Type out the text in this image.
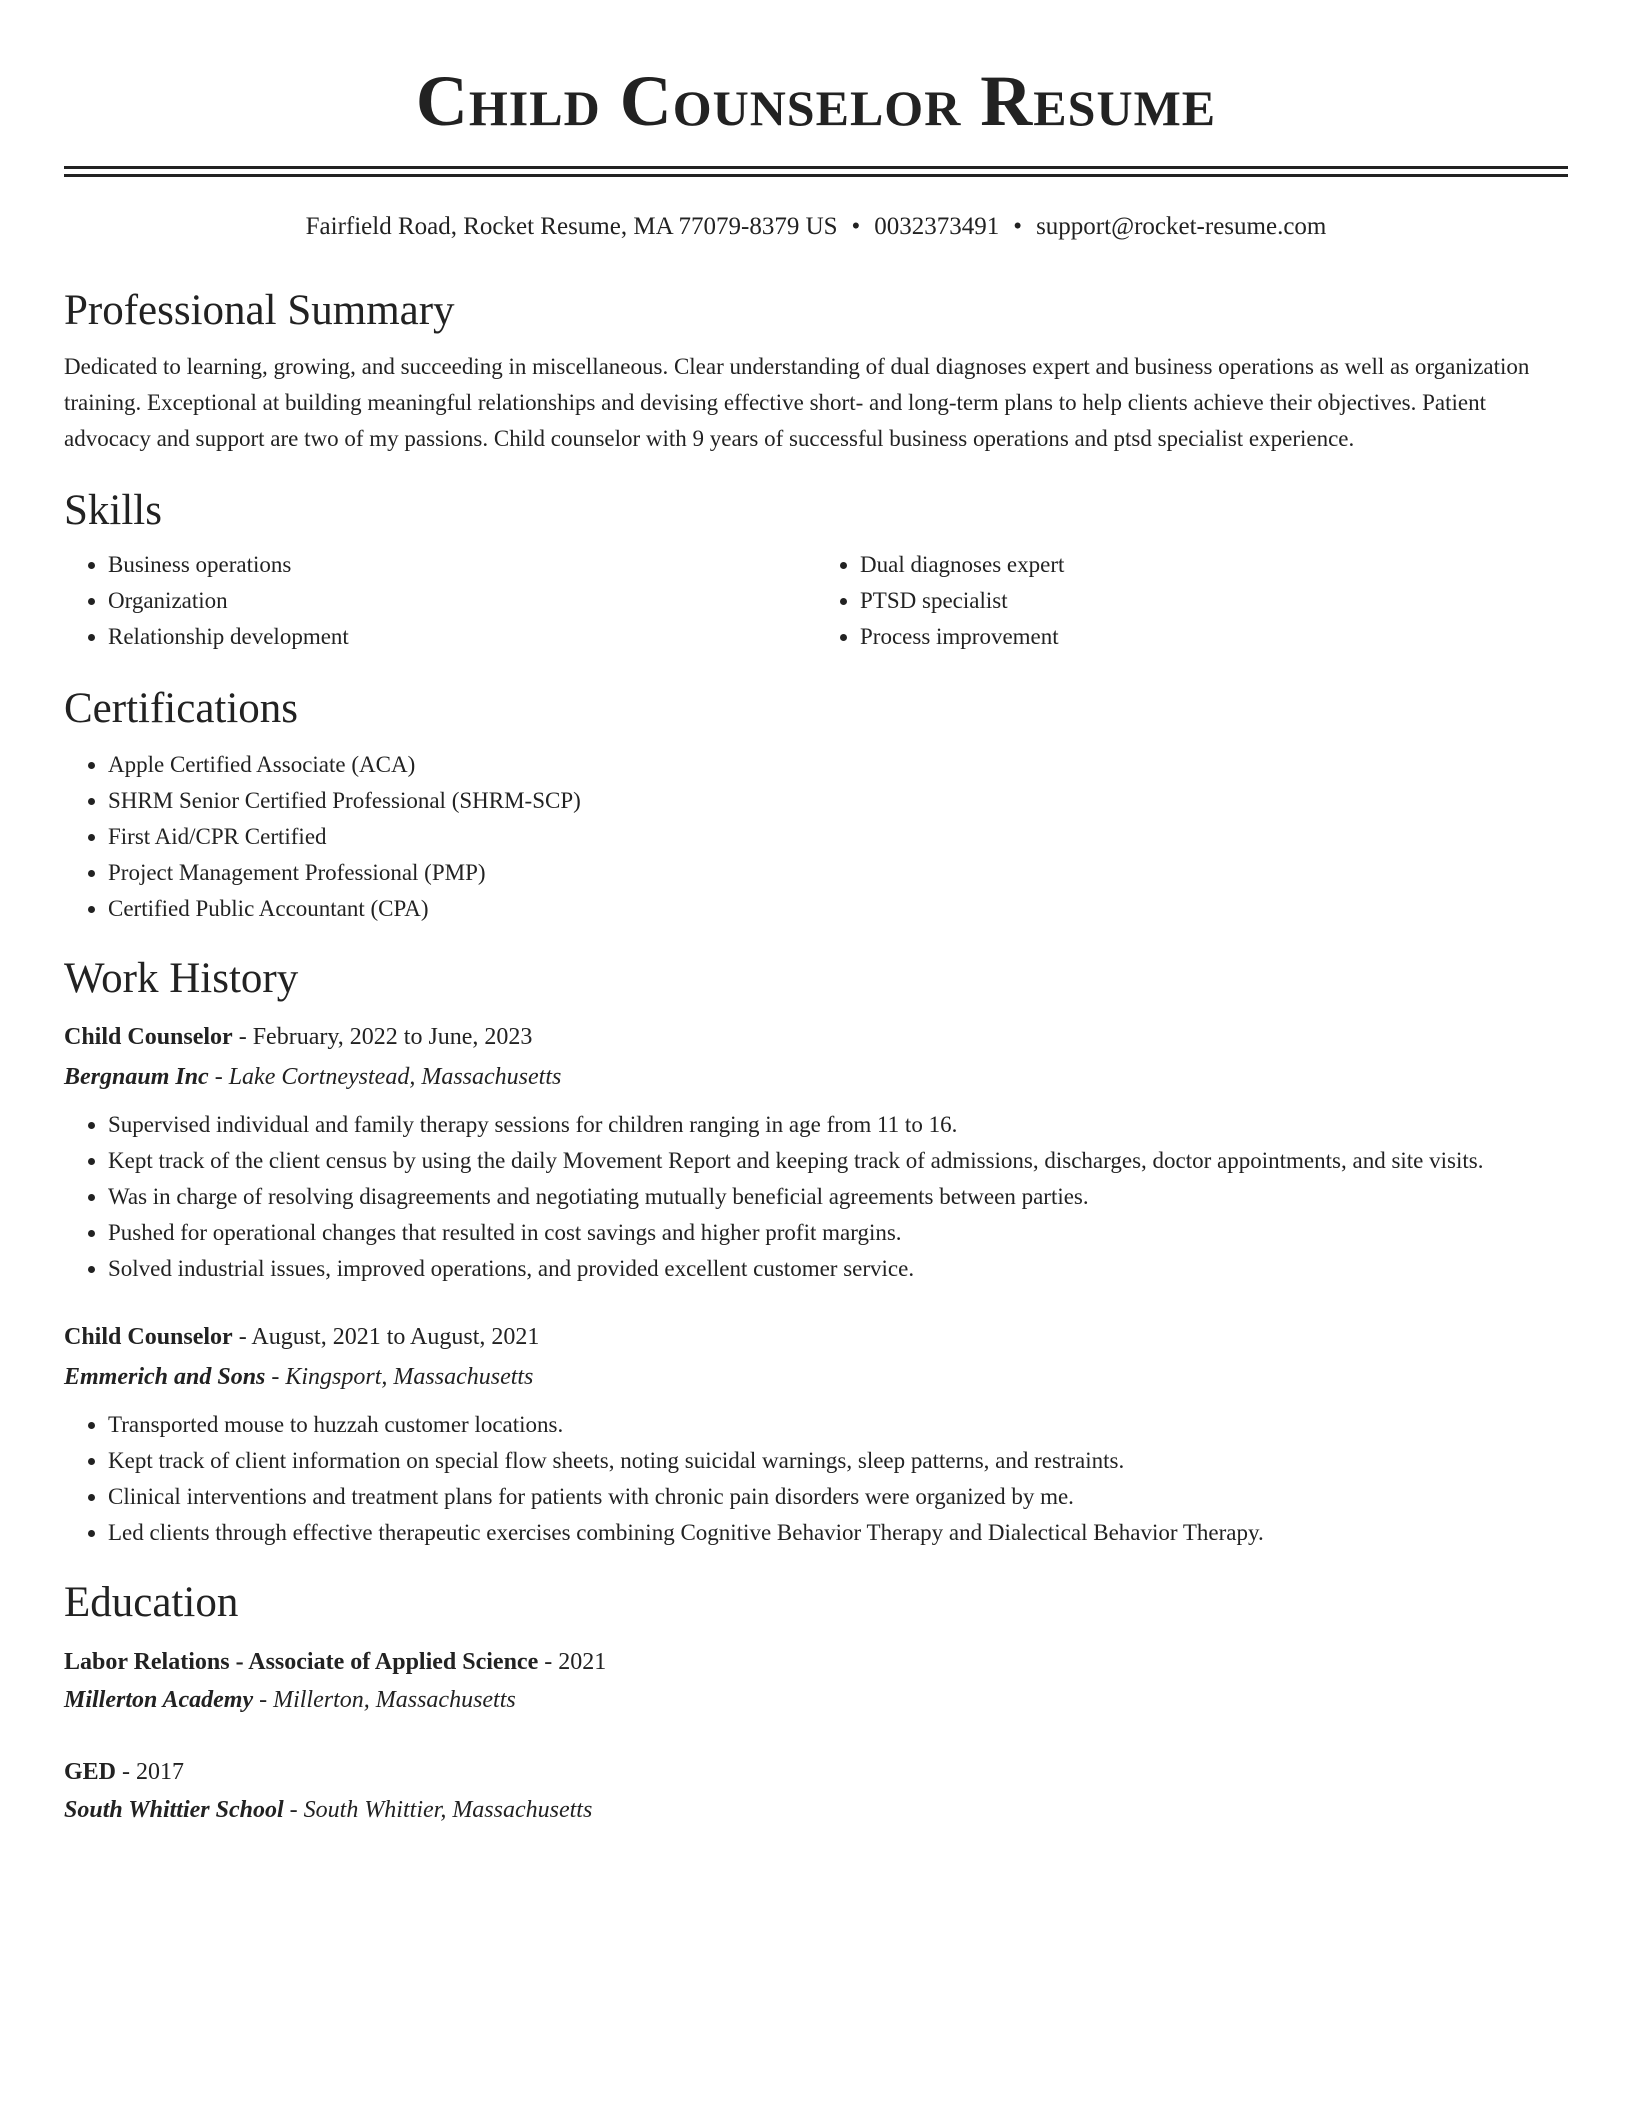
Child Counselor Resume
Fairfield Road, Rocket Resume, MA 77079-8379 US • 0032373491 • support@rocket-resume.com
Professional Summary
Dedicated to learning, growing, and succeeding in miscellaneous. Clear understanding of dual diagnoses expert and business operations as well as organization training. Exceptional at building meaningful relationships and devising effective short- and long-term plans to help clients achieve their objectives. Patient advocacy and support are two of my passions. Child counselor with 9 years of successful business operations and ptsd specialist experience.
Skills
• Business operations
• Organization
• Relationship development
• Dual diagnoses expert
• PTSD specialist
• Process improvement
Certifications
• Apple Certified Associate (ACA)
• SHRM Senior Certified Professional (SHRM-SCP)
• First Aid/CPR Certified
• Project Management Professional (PMP)
• Certified Public Accountant (CPA)
Work History
Child Counselor - February, 2022 to June, 2023
Bergnaum Inc - Lake Cortneystead, Massachusetts
• Supervised individual and family therapy sessions for children ranging in age from 11 to 16.
• Kept track of the client census by using the daily Movement Report and keeping track of admissions, discharges, doctor appointments, and site visits.
• Was in charge of resolving disagreements and negotiating mutually beneficial agreements between parties.
• Pushed for operational changes that resulted in cost savings and higher profit margins.
• Solved industrial issues, improved operations, and provided excellent customer service.
Child Counselor - August, 2021 to August, 2021
Emmerich and Sons - Kingsport, Massachusetts
• Transported mouse to huzzah customer locations.
• Kept track of client information on special flow sheets, noting suicidal warnings, sleep patterns, and restraints.
• Clinical interventions and treatment plans for patients with chronic pain disorders were organized by me.
• Led clients through effective therapeutic exercises combining Cognitive Behavior Therapy and Dialectical Behavior Therapy.
Education
Labor Relations - Associate of Applied Science - 2021
Millerton Academy - Millerton, Massachusetts
GED - 2017
South Whittier School - South Whittier, Massachusetts
